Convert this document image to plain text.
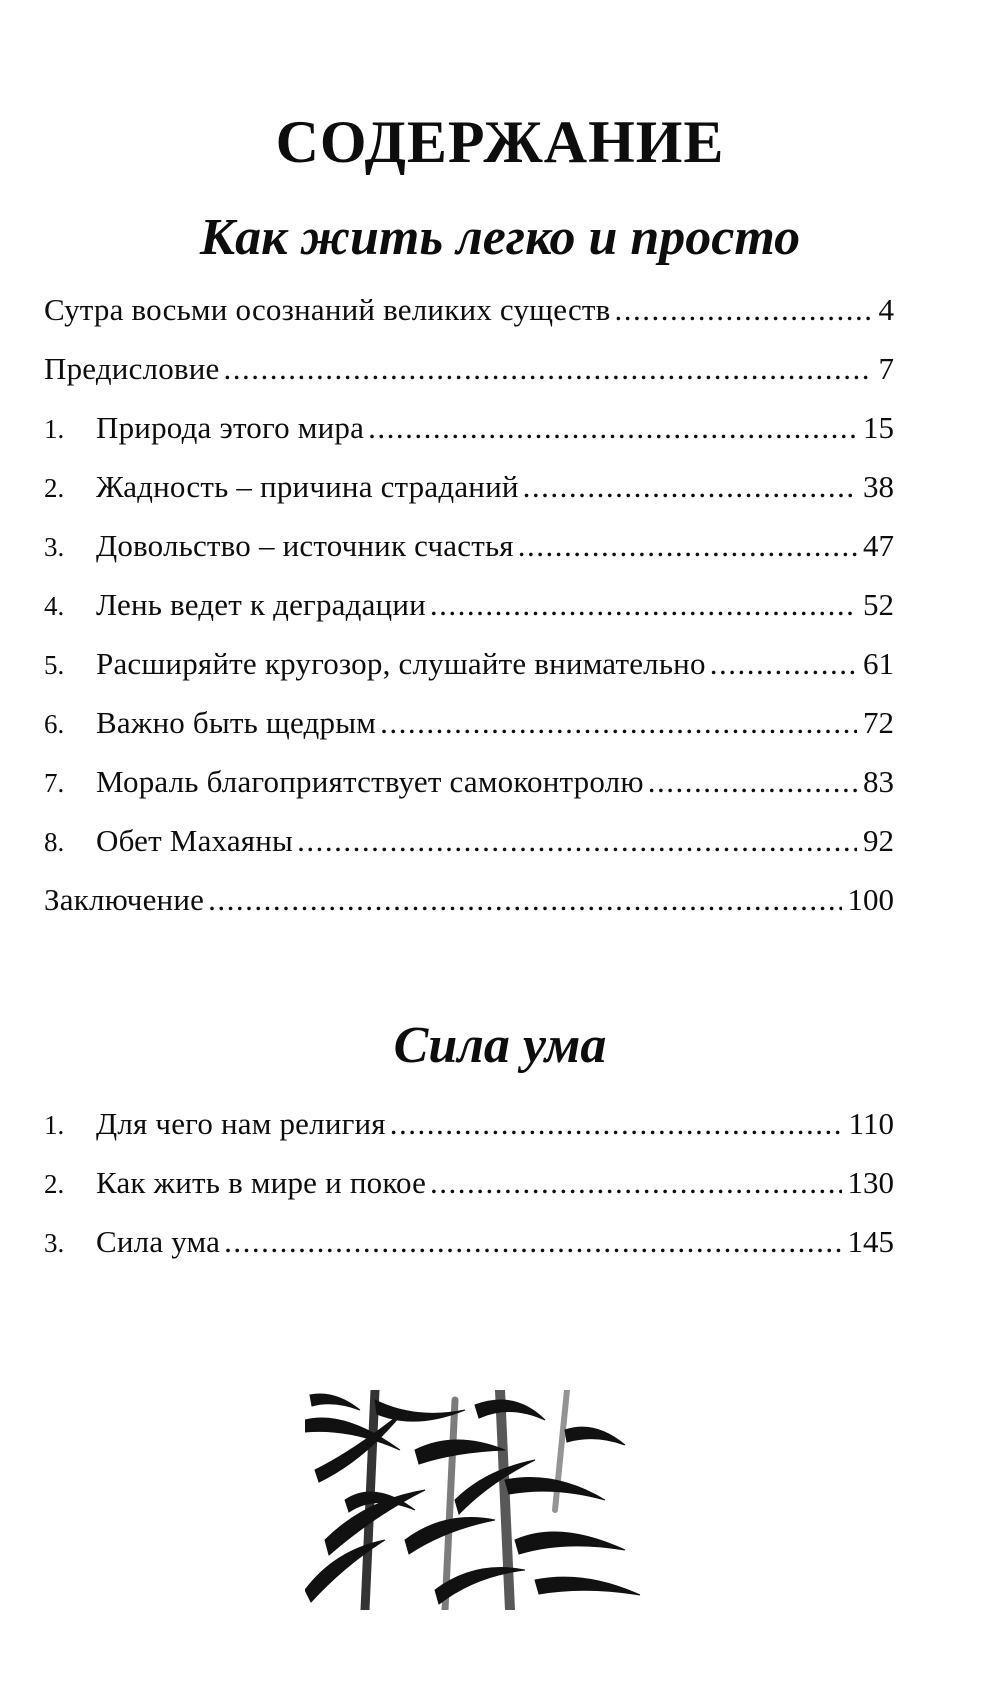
СОДЕРЖАНИЕ
Как жить легко и просто
Сутра восьми осознаний великих существ .....	4
Предисловие .....	7
1.	Природа этого мира .....	15
2.	Жадность – причина страданий .....	38
3.	Довольство – источник счастья .....	47
4.	Лень ведет к деградации .....	52
5.	Расширяйте кругозор, слушайте внимательно .....	61
6.	Важно быть щедрым .....	72
7.	Мораль благоприятствует самоконтролю .....	83
8.	Обет Махаяны .....	92
Заключение .....	100
Сила ума
1.	Для чего нам религия .....	110
2.	Как жить в мире и покое .....	130
3.	Сила ума .....	145
